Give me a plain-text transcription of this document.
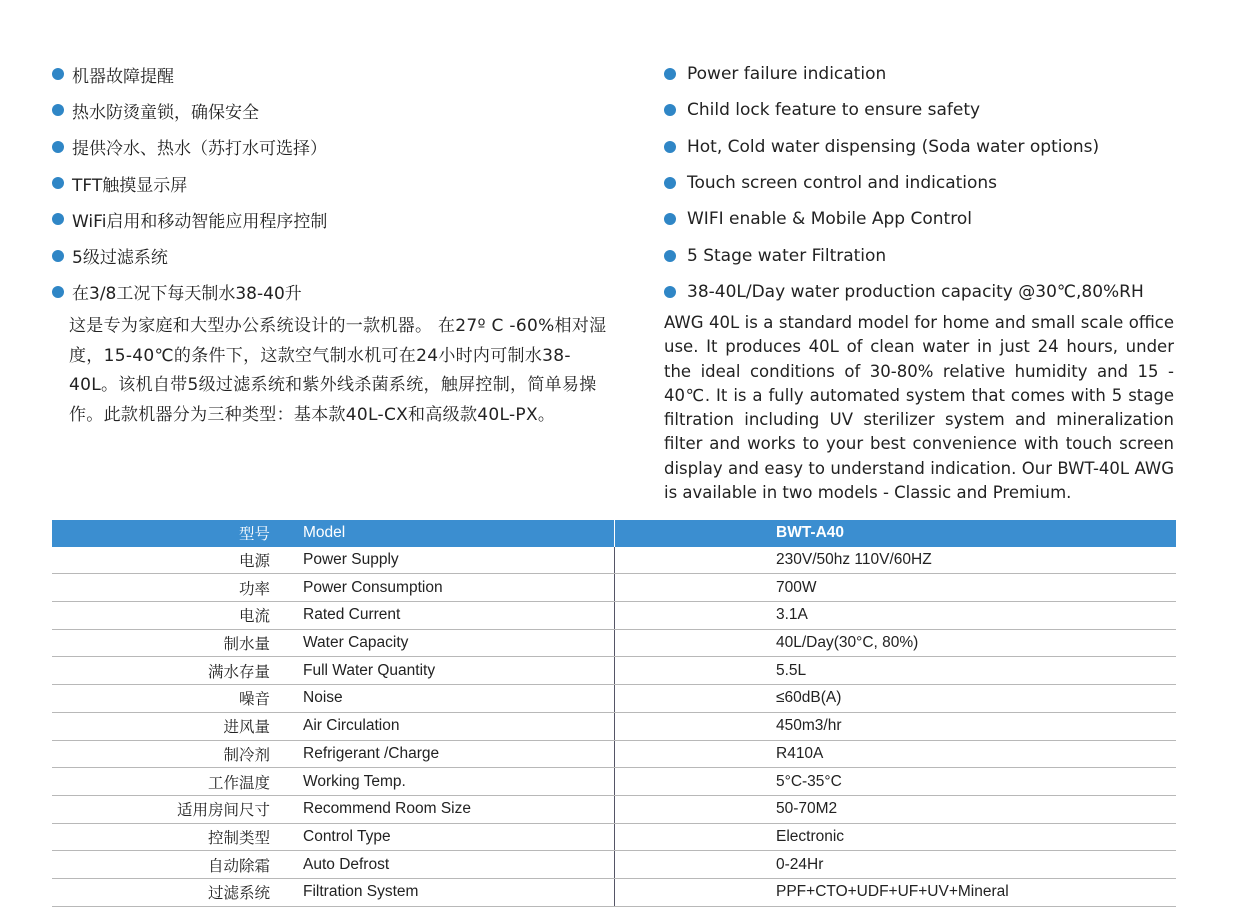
机器故障提醒
热水防烫童锁，确保安全
提供冷水、热水（苏打水可选择）
TFT触摸显示屏
WiFi启用和移动智能应用程序控制
5级过滤系统
在3/8工况下每天制水38-40升
Power failure indication
Child lock feature to ensure safety
Hot, Cold water dispensing (Soda water options)
Touch screen control and indications
WIFI enable & Mobile App Control
5 Stage water Filtration
38-40L/Day water production capacity @30℃,80%RH
这是专为家庭和大型办公系统设计的一款机器。 在27º C -60%相对湿度，15-40℃的条件下，这款空气制水机可在24小时内可制水38-40L。该机自带5级过滤系统和紫外线杀菌系统，触屏控制，简单易操作。此款机器分为三种类型：基本款40L-CX和高级款40L-PX。
AWG 40L is a standard model for home and small scale office use. It produces 40L of clean water in just 24 hours, under the ideal conditions of 30-80% relative humidity and 15 - 40℃. It is a fully automated system that comes with 5 stage filtration including UV sterilizer system and mineralization filter and works to your best convenience with touch screen display and easy to understand indication. Our BWT-40L AWG is available in two models - Classic and Premium.
型号	Model	BWT-A40
电源	Power Supply	230V/50hz 110V/60HZ
功率	Power Consumption	700W
电流	Rated Current	3.1A
制水量	Water Capacity	40L/Day(30°C, 80%)
满水存量	Full Water Quantity	5.5L
噪音	Noise	≤60dB(A)
进风量	Air Circulation	450m3/hr
制冷剂	Refrigerant /Charge	R410A
工作温度	Working Temp.	5°C-35°C
适用房间尺寸	Recommend Room Size	50-70M2
控制类型	Control Type	Electronic
自动除霜	Auto Defrost	0-24Hr
过滤系统	Filtration System	PPF+CTO+UDF+UF+UV+Mineral
